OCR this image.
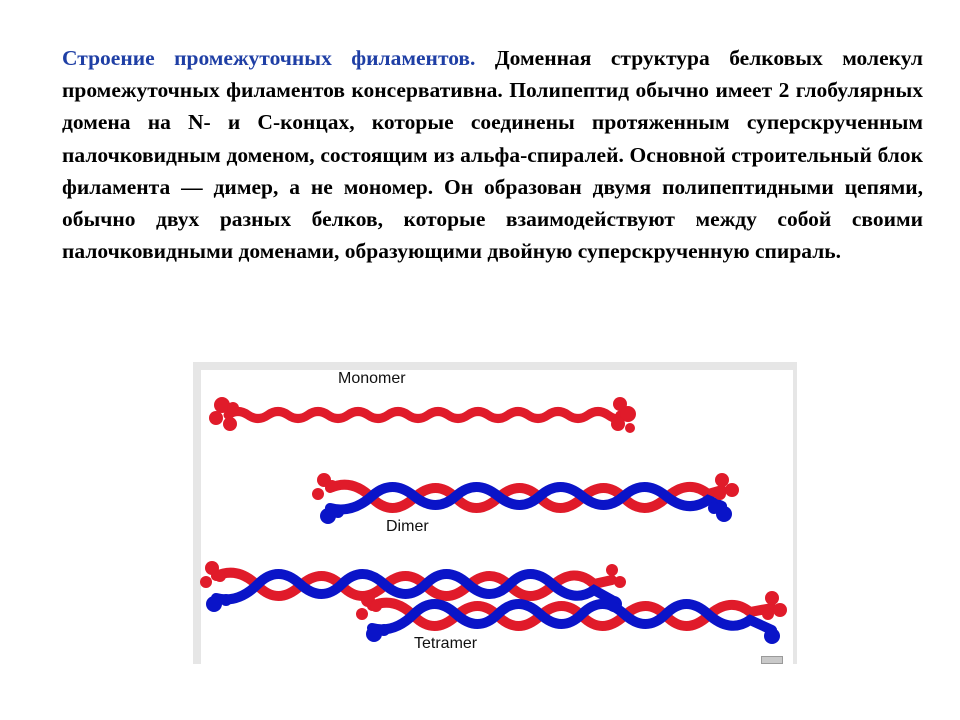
Строение промежуточных филаментов. Доменная структура белковых молекул промежуточных филаментов консервативна. Полипептид обычно имеет 2 глобулярных домена на N- и C-концах, которые соединены протяженным суперскрученным палочковидным доменом, состоящим из альфа-спиралей. Основной строительный блок филамента — димер, а не мономер. Он образован двумя полипептидными цепями, обычно двух разных белков, которые взаимодействуют между собой своими палочковидными доменами, образующими двойную суперскрученную спираль.

Monomer
Dimer
Tetramer
